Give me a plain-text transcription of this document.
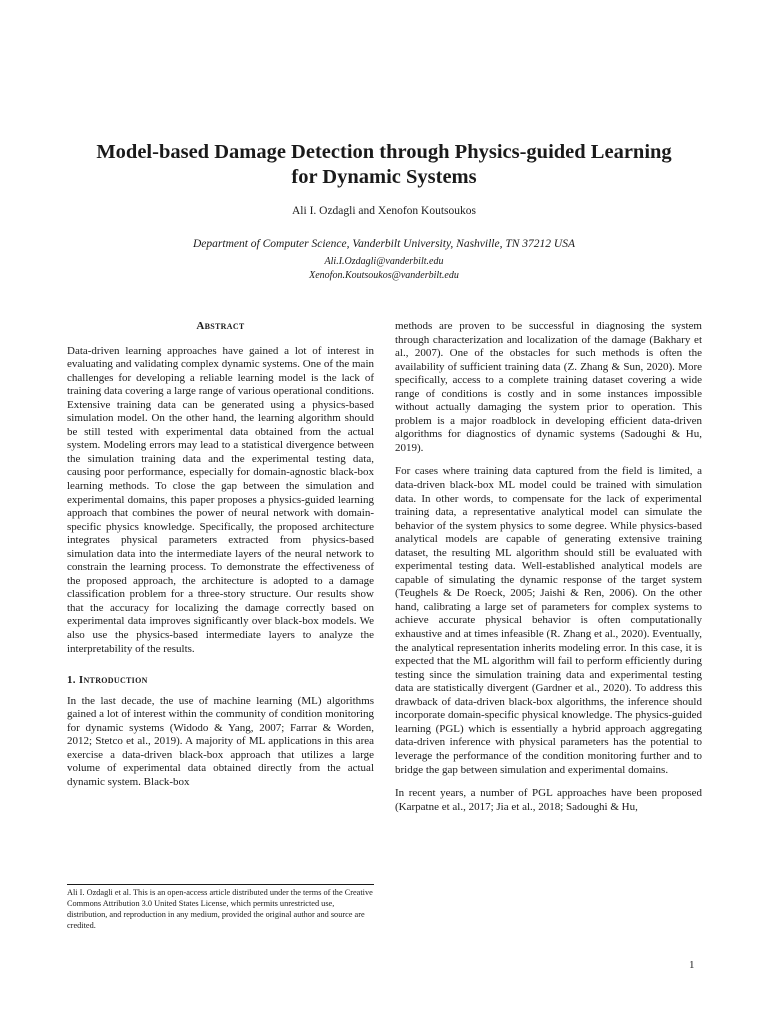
Model-based Damage Detection through Physics-guided Learning
for Dynamic Systems
Ali I. Ozdagli and Xenofon Koutsoukos
Department of Computer Science, Vanderbilt University, Nashville, TN 37212 USA
Ali.I.Ozdagli@vanderbilt.edu
Xenofon.Koutsoukos@vanderbilt.edu
Abstract

Data-driven learning approaches have gained a lot of interest in evaluating and validating complex dynamic systems. One of the main challenges for developing a reliable learning model is the lack of training data covering a large range of various operational conditions. Extensive training data can be generated using a physics-based simulation model. On the other hand, the learning algorithm should be still tested with experimental data obtained from the actual system. Modeling errors may lead to a statistical divergence between the simulation training data and the experimental testing data, causing poor performance, especially for domain-agnostic black-box learning methods. To close the gap between the simulation and experimental domains, this paper proposes a physics-guided learning approach that combines the power of neural network with domain-specific physics knowledge. Specifically, the proposed architecture integrates physical parameters extracted from physics-based simulation data into the intermediate layers of the neural network to constrain the learning process. To demonstrate the effectiveness of the proposed approach, the architecture is adopted to a damage classification problem for a three-story structure. Our results show that the accuracy for localizing the damage correctly based on experimental data improves significantly over black-box models. We also use the physics-based intermediate layers to analyze the interpretability of the results.

1. Introduction

In the last decade, the use of machine learning (ML) algorithms gained a lot of interest within the community of condition monitoring for dynamic systems (Widodo & Yang, 2007; Farrar & Worden, 2012; Stetco et al., 2019). A majority of ML applications in this area exercise a data-driven black-box approach that utilizes a large volume of experimental data obtained directly from the actual dynamic system. Black-box

methods are proven to be successful in diagnosing the system through characterization and localization of the damage (Bakhary et al., 2007). One of the obstacles for such methods is often the availability of sufficient training data (Z. Zhang & Sun, 2020). More specifically, access to a complete training dataset covering a wide range of conditions is costly and in some instances impossible without actually damaging the system prior to operation. This problem is a major roadblock in developing efficient data-driven algorithms for diagnostics of dynamic systems (Sadoughi & Hu, 2019).

For cases where training data captured from the field is limited, a data-driven black-box ML model could be trained with simulation data. In other words, to compensate for the lack of experimental training data, a representative analytical model can simulate the behavior of the system physics to some degree. While physics-based analytical models are capable of generating extensive training dataset, the resulting ML algorithm should still be evaluated with experimental testing data. Well-established analytical models are capable of simulating the dynamic response of the target system (Teughels & De Roeck, 2005; Jaishi & Ren, 2006). On the other hand, calibrating a large set of parameters for complex systems to achieve accurate physical behavior is often computationally exhaustive and at times infeasible (R. Zhang et al., 2020). Eventually, the analytical representation inherits modeling error. In this case, it is expected that the ML algorithm will fail to perform efficiently during testing since the simulation training data and experimental testing data are statistically divergent (Gardner et al., 2020). To address this drawback of data-driven black-box algorithms, the inference should incorporate domain-specific physical knowledge. The physics-guided learning (PGL) which is essentially a hybrid approach aggregating data-driven inference with physical parameters has the potential to leverage the performance of the condition monitoring further and to bridge the gap between simulation and experimental domains.

In recent years, a number of PGL approaches have been proposed (Karpatne et al., 2017; Jia et al., 2018; Sadoughi & Hu,

Ali I. Ozdagli et al. This is an open-access article distributed under the terms of the Creative Commons Attribution 3.0 United States License, which permits unrestricted use, distribution, and reproduction in any medium, provided the original author and source are credited.
1
